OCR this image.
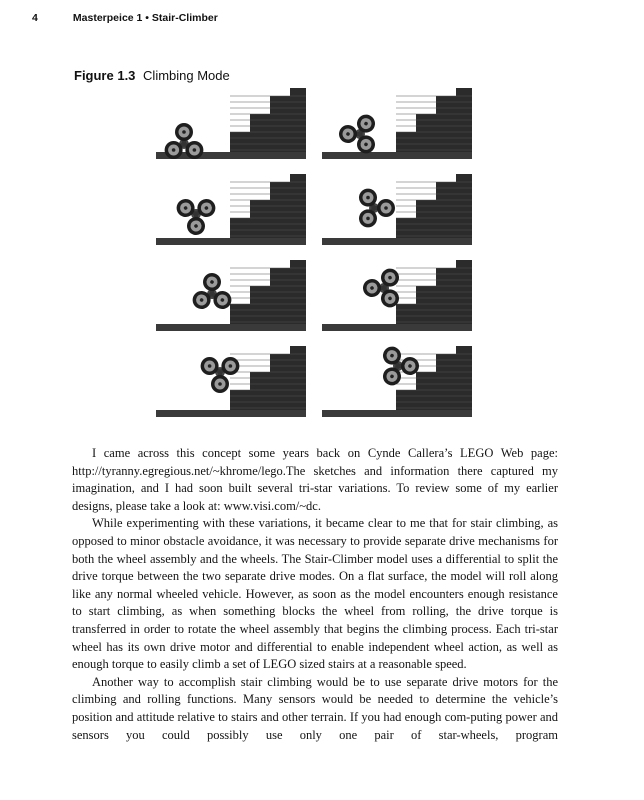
4	Masterpeice 1 • Stair-Climber
Figure 1.3 Climbing Mode

I came across this concept some years back on Cynde Callera’s LEGO Web page: http://tyranny.egregious.net/~khrome/lego.The sketches and information there captured my imagination, and I had soon built several tri-star variations. To review some of my earlier designs, please take a look at: www.visi.com/~dc.

While experimenting with these variations, it became clear to me that for stair climbing, as opposed to minor obstacle avoidance, it was necessary to provide separate drive mechanisms for both the wheel assembly and the wheels. The Stair-Climber model uses a differential to split the drive torque between the two separate drive modes. On a flat surface, the model will roll along like any normal wheeled vehicle. However, as soon as the model encounters enough resistance to start climbing, as when something blocks the wheel from rolling, the drive torque is transferred in order to rotate the wheel assembly that begins the climbing process. Each tri-star wheel has its own drive motor and differential to enable independent wheel action, as well as enough torque to easily climb a set of LEGO sized stairs at a reasonable speed.

Another way to accomplish stair climbing would be to use separate drive motors for the climbing and rolling functions. Many sensors would be needed to determine the vehicle’s position and attitude relative to stairs and other terrain. If you had enough com-puting power and sensors you could possibly use only one pair of star-wheels, program
